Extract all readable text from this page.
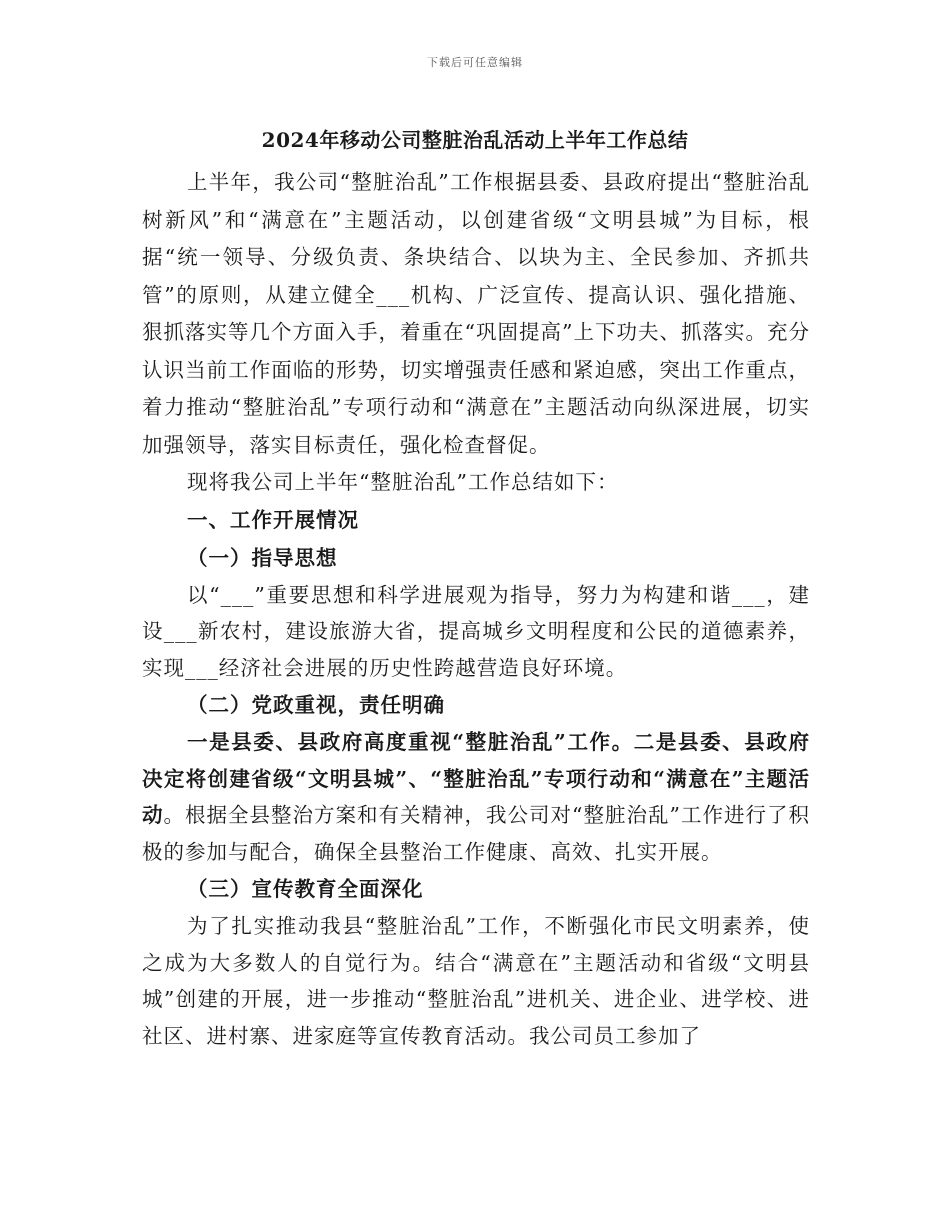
下载后可任意编辑
2024年移动公司整脏治乱活动上半年工作总结

上半年，我公司“整脏治乱”工作根据县委、县政府提出“整脏治乱树新风”和“满意在”主题活动，以创建省级“文明县城”为目标，根据“统一领导、分级负责、条块结合、以块为主、全民参加、齐抓共管”的原则，从建立健全___机构、广泛宣传、提高认识、强化措施、狠抓落实等几个方面入手，着重在“巩固提高”上下功夫、抓落实。充分认识当前工作面临的形势，切实增强责任感和紧迫感，突出工作重点，着力推动“整脏治乱”专项行动和“满意在”主题活动向纵深进展，切实加强领导，落实目标责任，强化检查督促。

现将我公司上半年“整脏治乱”工作总结如下：

一、工作开展情况

（一）指导思想

以“___”重要思想和科学进展观为指导，努力为构建和谐___，建设___新农村，建设旅游大省，提高城乡文明程度和公民的道德素养，实现___经济社会进展的历史性跨越营造良好环境。

（二）党政重视，责任明确

一是县委、县政府高度重视“整脏治乱”工作。二是县委、县政府决定将创建省级“文明县城”、“整脏治乱”专项行动和“满意在”主题活动。根据全县整治方案和有关精神，我公司对“整脏治乱”工作进行了积极的参加与配合，确保全县整治工作健康、高效、扎实开展。

（三）宣传教育全面深化

为了扎实推动我县“整脏治乱”工作，不断强化市民文明素养，使之成为大多数人的自觉行为。结合“满意在”主题活动和省级“文明县城”创建的开展，进一步推动“整脏治乱”进机关、进企业、进学校、进社区、进村寨、进家庭等宣传教育活动。我公司员工参加了
